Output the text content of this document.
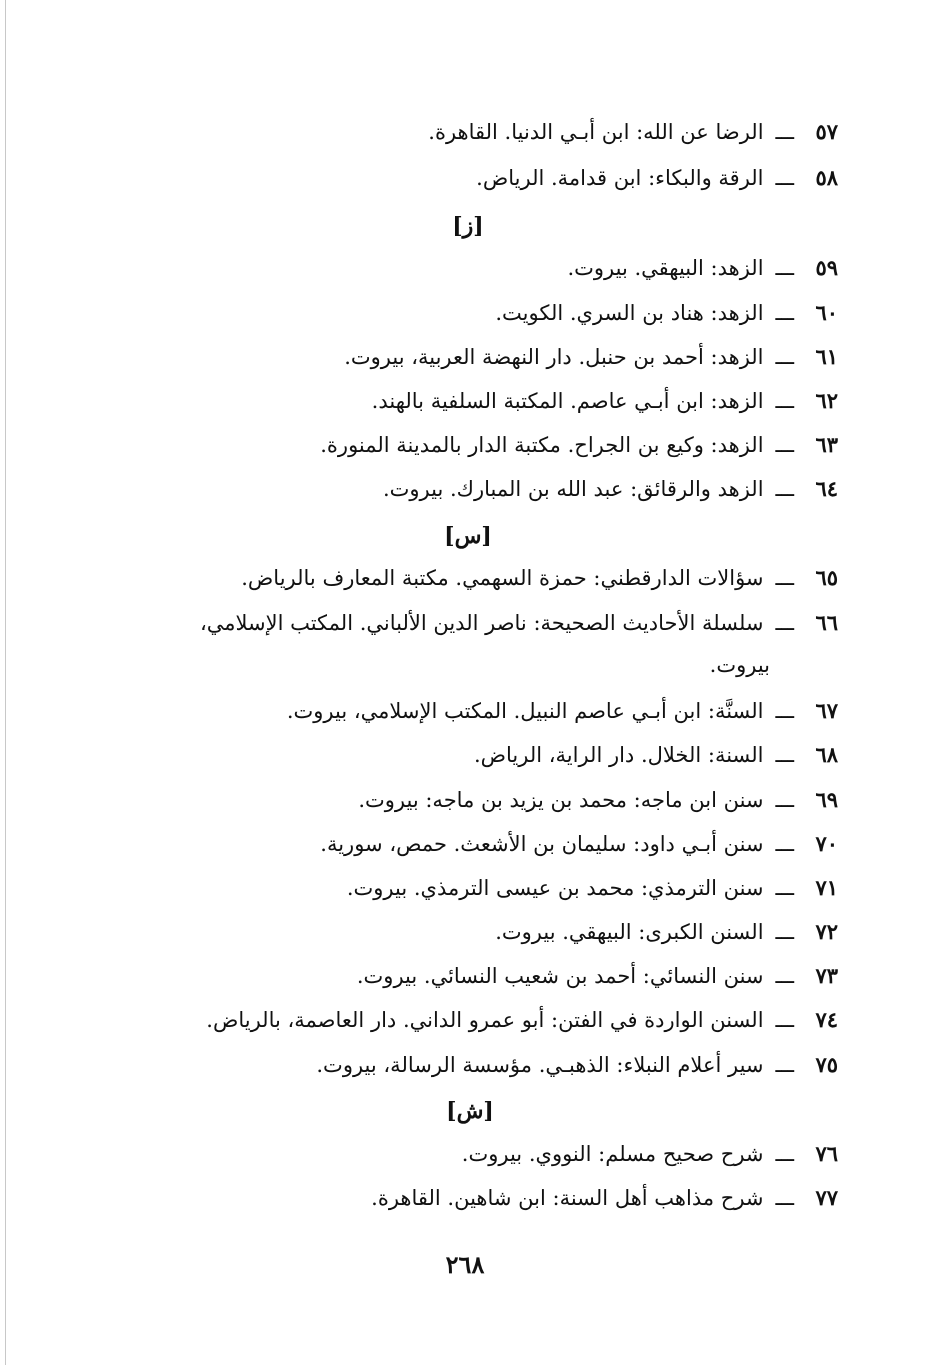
٥٧
ـــ
الرضا عن الله: ابن أبـي الدنيا. القاهرة.
٥٨
ـــ
الرقة والبكاء: ابن قدامة. الرياض.
[ز]
٥٩
ـــ
الزهد: البيهقي. بيروت.
٦٠
ـــ
الزهد: هناد بن السري. الكويت.
٦١
ـــ
الزهد: أحمد بن حنبل. دار النهضة العربية، بيروت.
٦٢
ـــ
الزهد: ابن أبـي عاصم. المكتبة السلفية بالهند.
٦٣
ـــ
الزهد: وكيع بن الجراح. مكتبة الدار بالمدينة المنورة.
٦٤
ـــ
الزهد والرقائق: عبد الله بن المبارك. بيروت.
[س]
٦٥
ـــ
سؤالات الدارقطني: حمزة السهمي. مكتبة المعارف بالرياض.
٦٦
ـــ
سلسلة الأحاديث الصحيحة: ناصر الدين الألباني. المكتب الإسلامي،
بيروت.
٦٧
ـــ
السنَّة: ابن أبـي عاصم النبيل. المكتب الإسلامي، بيروت.
٦٨
ـــ
السنة: الخلال. دار الراية، الرياض.
٦٩
ـــ
سنن ابن ماجه: محمد بن يزيد بن ماجه: بيروت.
٧٠
ـــ
سنن أبـي داود: سليمان بن الأشعث. حمص، سورية.
٧١
ـــ
سنن الترمذي: محمد بن عيسى الترمذي. بيروت.
٧٢
ـــ
السنن الكبرى: البيهقي. بيروت.
٧٣
ـــ
سنن النسائي: أحمد بن شعيب النسائي. بيروت.
٧٤
ـــ
السنن الواردة في الفتن: أبو عمرو الداني. دار العاصمة، بالرياض.
٧٥
ـــ
سير أعلام النبلاء: الذهبـي. مؤسسة الرسالة، بيروت.
[ش]
٧٦
ـــ
شرح صحيح مسلم: النووي. بيروت.
٧٧
ـــ
شرح مذاهب أهل السنة: ابن شاهين. القاهرة.
٢٦٨
